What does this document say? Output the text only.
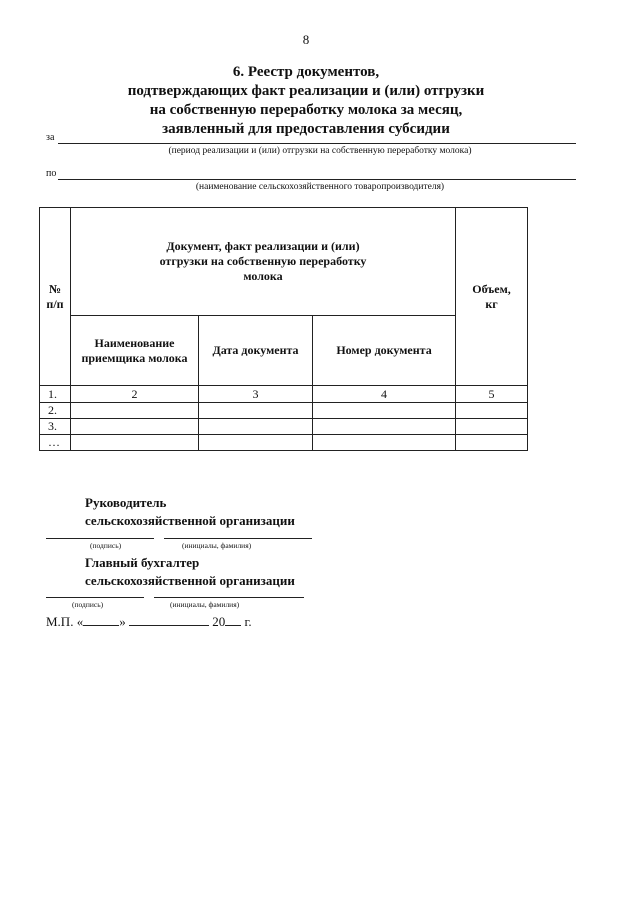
8
6. Реестр документов,
подтверждающих факт реализации и (или) отгрузки
на собственную переработку молока за месяц,
заявленный для предоставления субсидии
за
(период реализации и (или) отгрузки на собственную переработку молока)
по
(наименование сельскохозяйственного товаропроизводителя)
№ п/п	Документ, факт реализации и (или) отгрузки на собственную переработку молока			Объем, кг
	Наименование приемщика молока	Дата документа	Номер документа	
1.	2	3	4	5
2.				
3.				
…				
Руководитель
сельскохозяйственной организации
(подпись)	(инициалы, фамилия)
Главный бухгалтер
сельскохозяйственной организации
(подпись)	(инициалы, фамилия)
М.П. «	»	20 г.
